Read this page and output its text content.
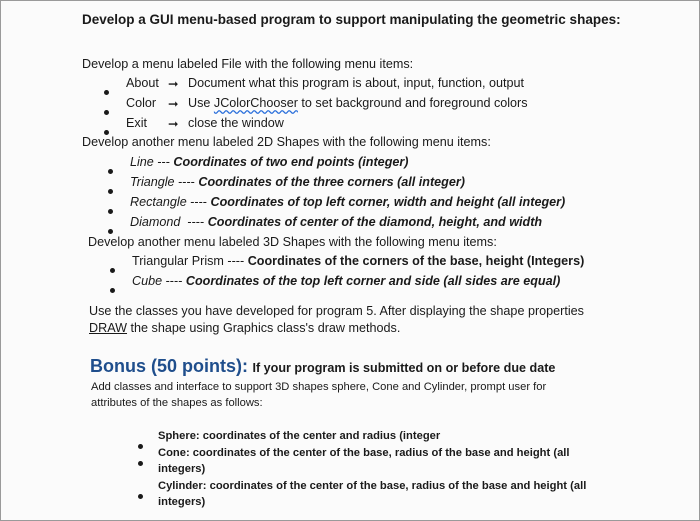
Develop a GUI menu-based program to support manipulating the geometric shapes:
Develop a menu labeled File with the following menu items:
About ➞ Document what this program is about, input, function, output
Color ➞ Use JColorChooser to set background and foreground colors
Exit ➞ close the window
Develop another menu labeled 2D Shapes with the following menu items:
Line --- Coordinates of two end points (integer)
Triangle ---- Coordinates of the three corners (all integer)
Rectangle ---- Coordinates of top left corner, width and height (all integer)
Diamond ---- Coordinates of center of the diamond, height, and width
Develop another menu labeled 3D Shapes with the following menu items:
Triangular Prism ---- Coordinates of the corners of the base, height (Integers)
Cube ---- Coordinates of the top left corner and side (all sides are equal)
Use the classes you have developed for program 5. After displaying the shape properties
DRAW the shape using Graphics class's draw methods.
Bonus (50 points): If your program is submitted on or before due date
Add classes and interface to support 3D shapes sphere, Cone and Cylinder, prompt user for
attributes of the shapes as follows:
Sphere: coordinates of the center and radius (integer
Cone: coordinates of the center of the base, radius of the base and height (all
integers)
Cylinder: coordinates of the center of the base, radius of the base and height (all
integers)
